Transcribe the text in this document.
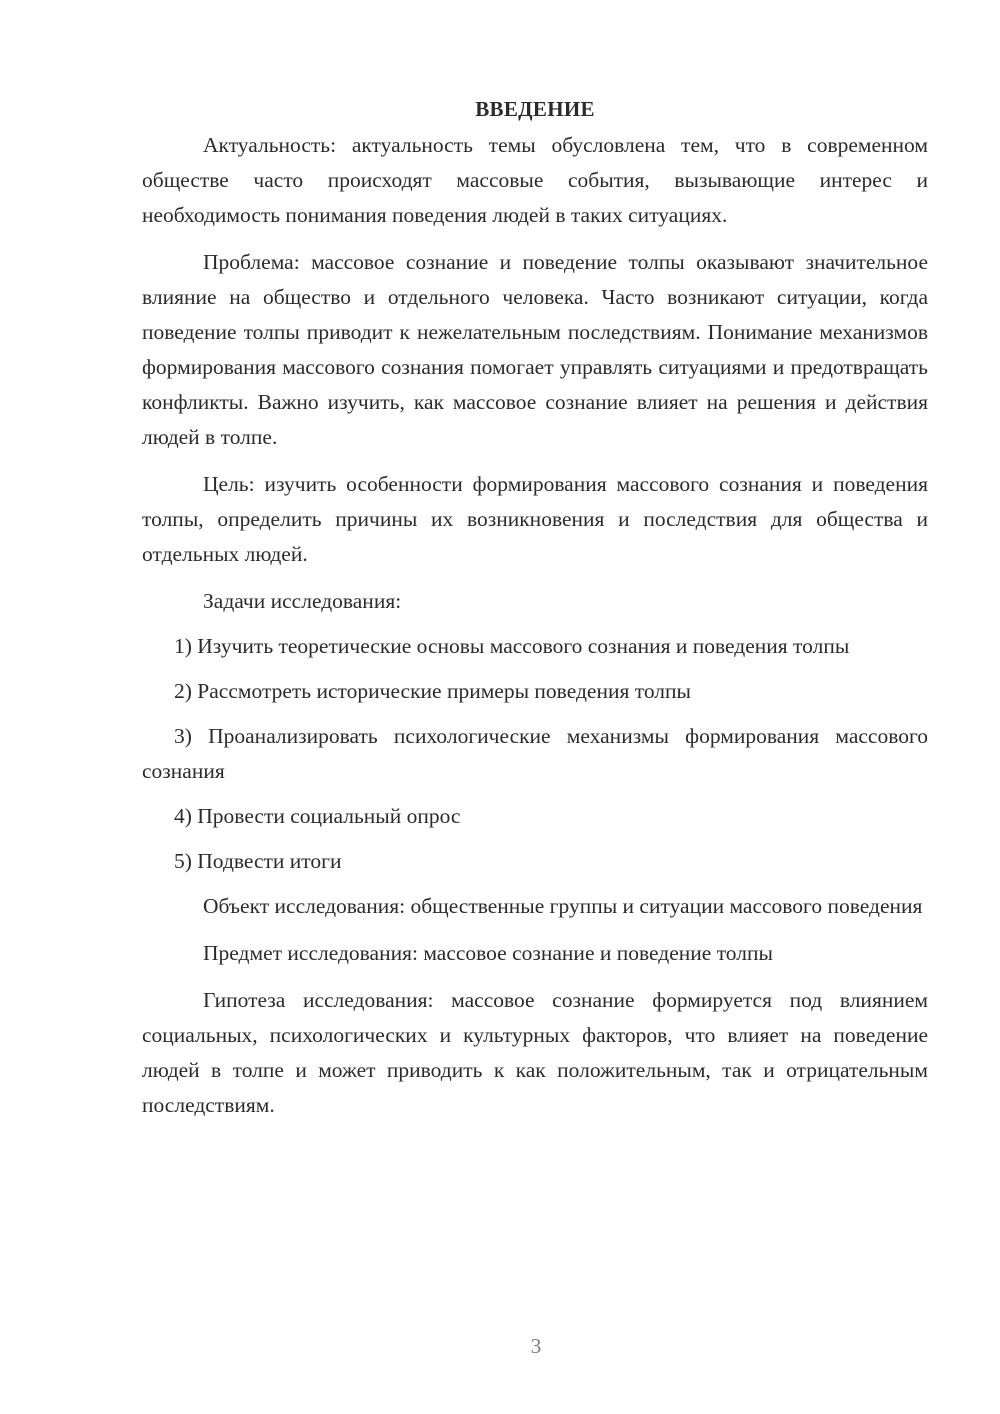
ВВЕДЕНИЕ

Актуальность: актуальность темы обусловлена тем, что в современном обществе часто происходят массовые события, вызывающие интерес и необходимость понимания поведения людей в таких ситуациях.

Проблема: массовое сознание и поведение толпы оказывают значительное влияние на общество и отдельного человека. Часто возникают ситуации, когда поведение толпы приводит к нежелательным последствиям. Понимание механизмов формирования массового сознания помогает управлять ситуациями и предотвращать конфликты. Важно изучить, как массовое сознание влияет на решения и действия людей в толпе.

Цель: изучить особенности формирования массового сознания и поведения толпы, определить причины их возникновения и последствия для общества и отдельных людей.

Задачи исследования:

1) Изучить теоретические основы массового сознания и поведения толпы

2) Рассмотреть исторические примеры поведения толпы

3) Проанализировать психологические механизмы формирования массового сознания

4) Провести социальный опрос

5) Подвести итоги

Объект исследования: общественные группы и ситуации массового поведения

Предмет исследования: массовое сознание и поведение толпы

Гипотеза исследования: массовое сознание формируется под влиянием социальных, психологических и культурных факторов, что влияет на поведение людей в толпе и может приводить к как положительным, так и отрицательным последствиям.

3
